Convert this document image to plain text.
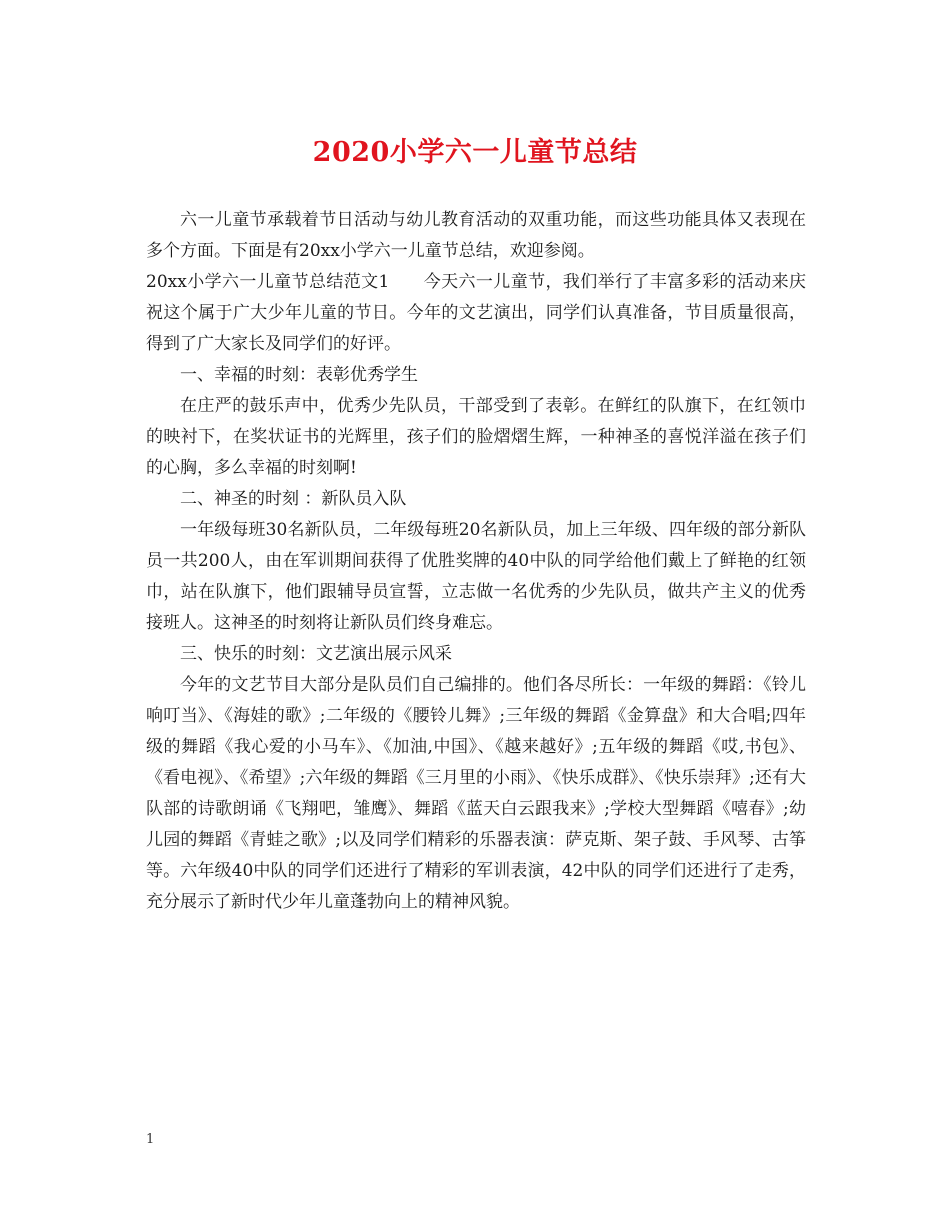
2020小学六一儿童节总结

六一儿童节承载着节日活动与幼儿教育活动的双重功能，而这些功能具体又表现在多个方面。下面是有20xx小学六一儿童节总结，欢迎参阅。

20xx小学六一儿童节总结范文1 今天六一儿童节，我们举行了丰富多彩的活动来庆祝这个属于广大少年儿童的节日。今年的文艺演出，同学们认真准备，节目质量很高，得到了广大家长及同学们的好评。

一、幸福的时刻：表彰优秀学生

在庄严的鼓乐声中，优秀少先队员，干部受到了表彰。在鲜红的队旗下，在红领巾的映衬下，在奖状证书的光辉里，孩子们的脸熠熠生辉，一种神圣的喜悦洋溢在孩子们的心胸，多么幸福的时刻啊!

二、神圣的时刻 ：新队员入队

一年级每班30名新队员，二年级每班20名新队员，加上三年级、四年级的部分新队员一共200人，由在军训期间获得了优胜奖牌的40中队的同学给他们戴上了鲜艳的红领巾，站在队旗下，他们跟辅导员宣誓，立志做一名优秀的少先队员，做共产主义的优秀接班人。这神圣的时刻将让新队员们终身难忘。

三、快乐的时刻：文艺演出展示风采

今年的文艺节目大部分是队员们自己编排的。他们各尽所长：一年级的舞蹈：《铃儿响叮当》、《海娃的歌》;二年级的《腰铃儿舞》;三年级的舞蹈《金算盘》和大合唱;四年级的舞蹈《我心爱的小马车》、《加油,中国》、《越来越好》;五年级的舞蹈《哎,书包》、《看电视》、《希望》;六年级的舞蹈《三月里的小雨》、《快乐成群》、《快乐崇拜》;还有大队部的诗歌朗诵《飞翔吧，雏鹰》、舞蹈《蓝天白云跟我来》;学校大型舞蹈《嘻春》;幼儿园的舞蹈《青蛙之歌》;以及同学们精彩的乐器表演：萨克斯、架子鼓、手风琴、古筝等。六年级40中队的同学们还进行了精彩的军训表演，42中队的同学们还进行了走秀，充分展示了新时代少年儿童蓬勃向上的精神风貌。

1
